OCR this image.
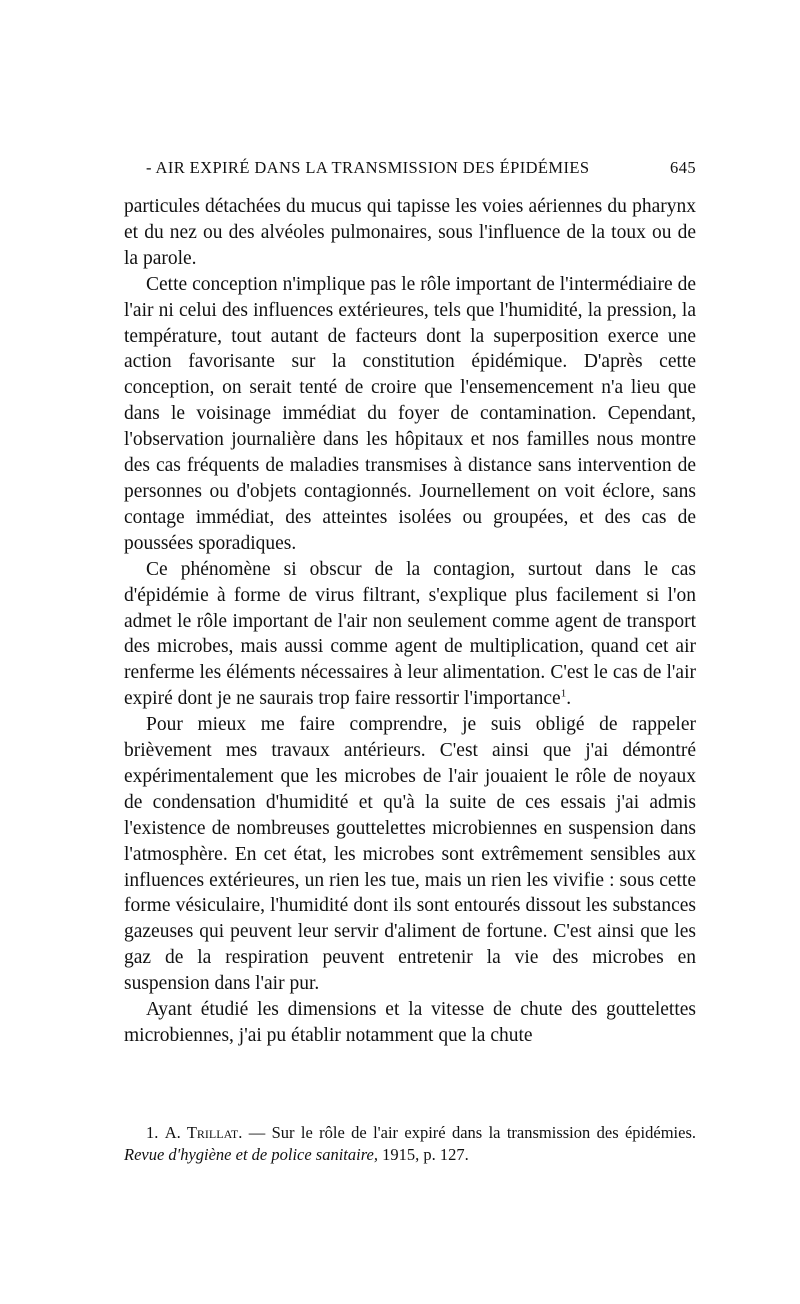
- AIR EXPIRÉ DANS LA TRANSMISSION DES ÉPIDÉMIES	645

particules détachées du mucus qui tapisse les voies aériennes du pharynx et du nez ou des alvéoles pulmonaires, sous l'influence de la toux ou de la parole.

Cette conception n'implique pas le rôle important de l'intermédiaire de l'air ni celui des influences extérieures, tels que l'humidité, la pression, la température, tout autant de facteurs dont la superposition exerce une action favorisante sur la constitution épidémique. D'après cette conception, on serait tenté de croire que l'ensemencement n'a lieu que dans le voisinage immédiat du foyer de contamination. Cependant, l'observation journalière dans les hôpitaux et nos familles nous montre des cas fréquents de maladies transmises à distance sans intervention de personnes ou d'objets contagionnés. Journellement on voit éclore, sans contage immédiat, des atteintes isolées ou groupées, et des cas de poussées sporadiques.

Ce phénomène si obscur de la contagion, surtout dans le cas d'épidémie à forme de virus filtrant, s'explique plus facilement si l'on admet le rôle important de l'air non seulement comme agent de transport des microbes, mais aussi comme agent de multiplication, quand cet air renferme les éléments nécessaires à leur alimentation. C'est le cas de l'air expiré dont je ne saurais trop faire ressortir l'importance$^1$.

Pour mieux me faire comprendre, je suis obligé de rappeler brièvement mes travaux antérieurs. C'est ainsi que j'ai démontré expérimentalement que les microbes de l'air jouaient le rôle de noyaux de condensation d'humidité et qu'à la suite de ces essais j'ai admis l'existence de nombreuses gouttelettes microbiennes en suspension dans l'atmosphère. En cet état, les microbes sont extrêmement sensibles aux influences extérieures, un rien les tue, mais un rien les vivifie : sous cette forme vésiculaire, l'humidité dont ils sont entourés dissout les substances gazeuses qui peuvent leur servir d'aliment de fortune. C'est ainsi que les gaz de la respiration peuvent entretenir la vie des microbes en suspension dans l'air pur.

Ayant étudié les dimensions et la vitesse de chute des gouttelettes microbiennes, j'ai pu établir notamment que la chute

1. A. Trillat. — Sur le rôle de l'air expiré dans la transmission des épidémies. Revue d'hygiène et de police sanitaire, 1915, p. 127.
